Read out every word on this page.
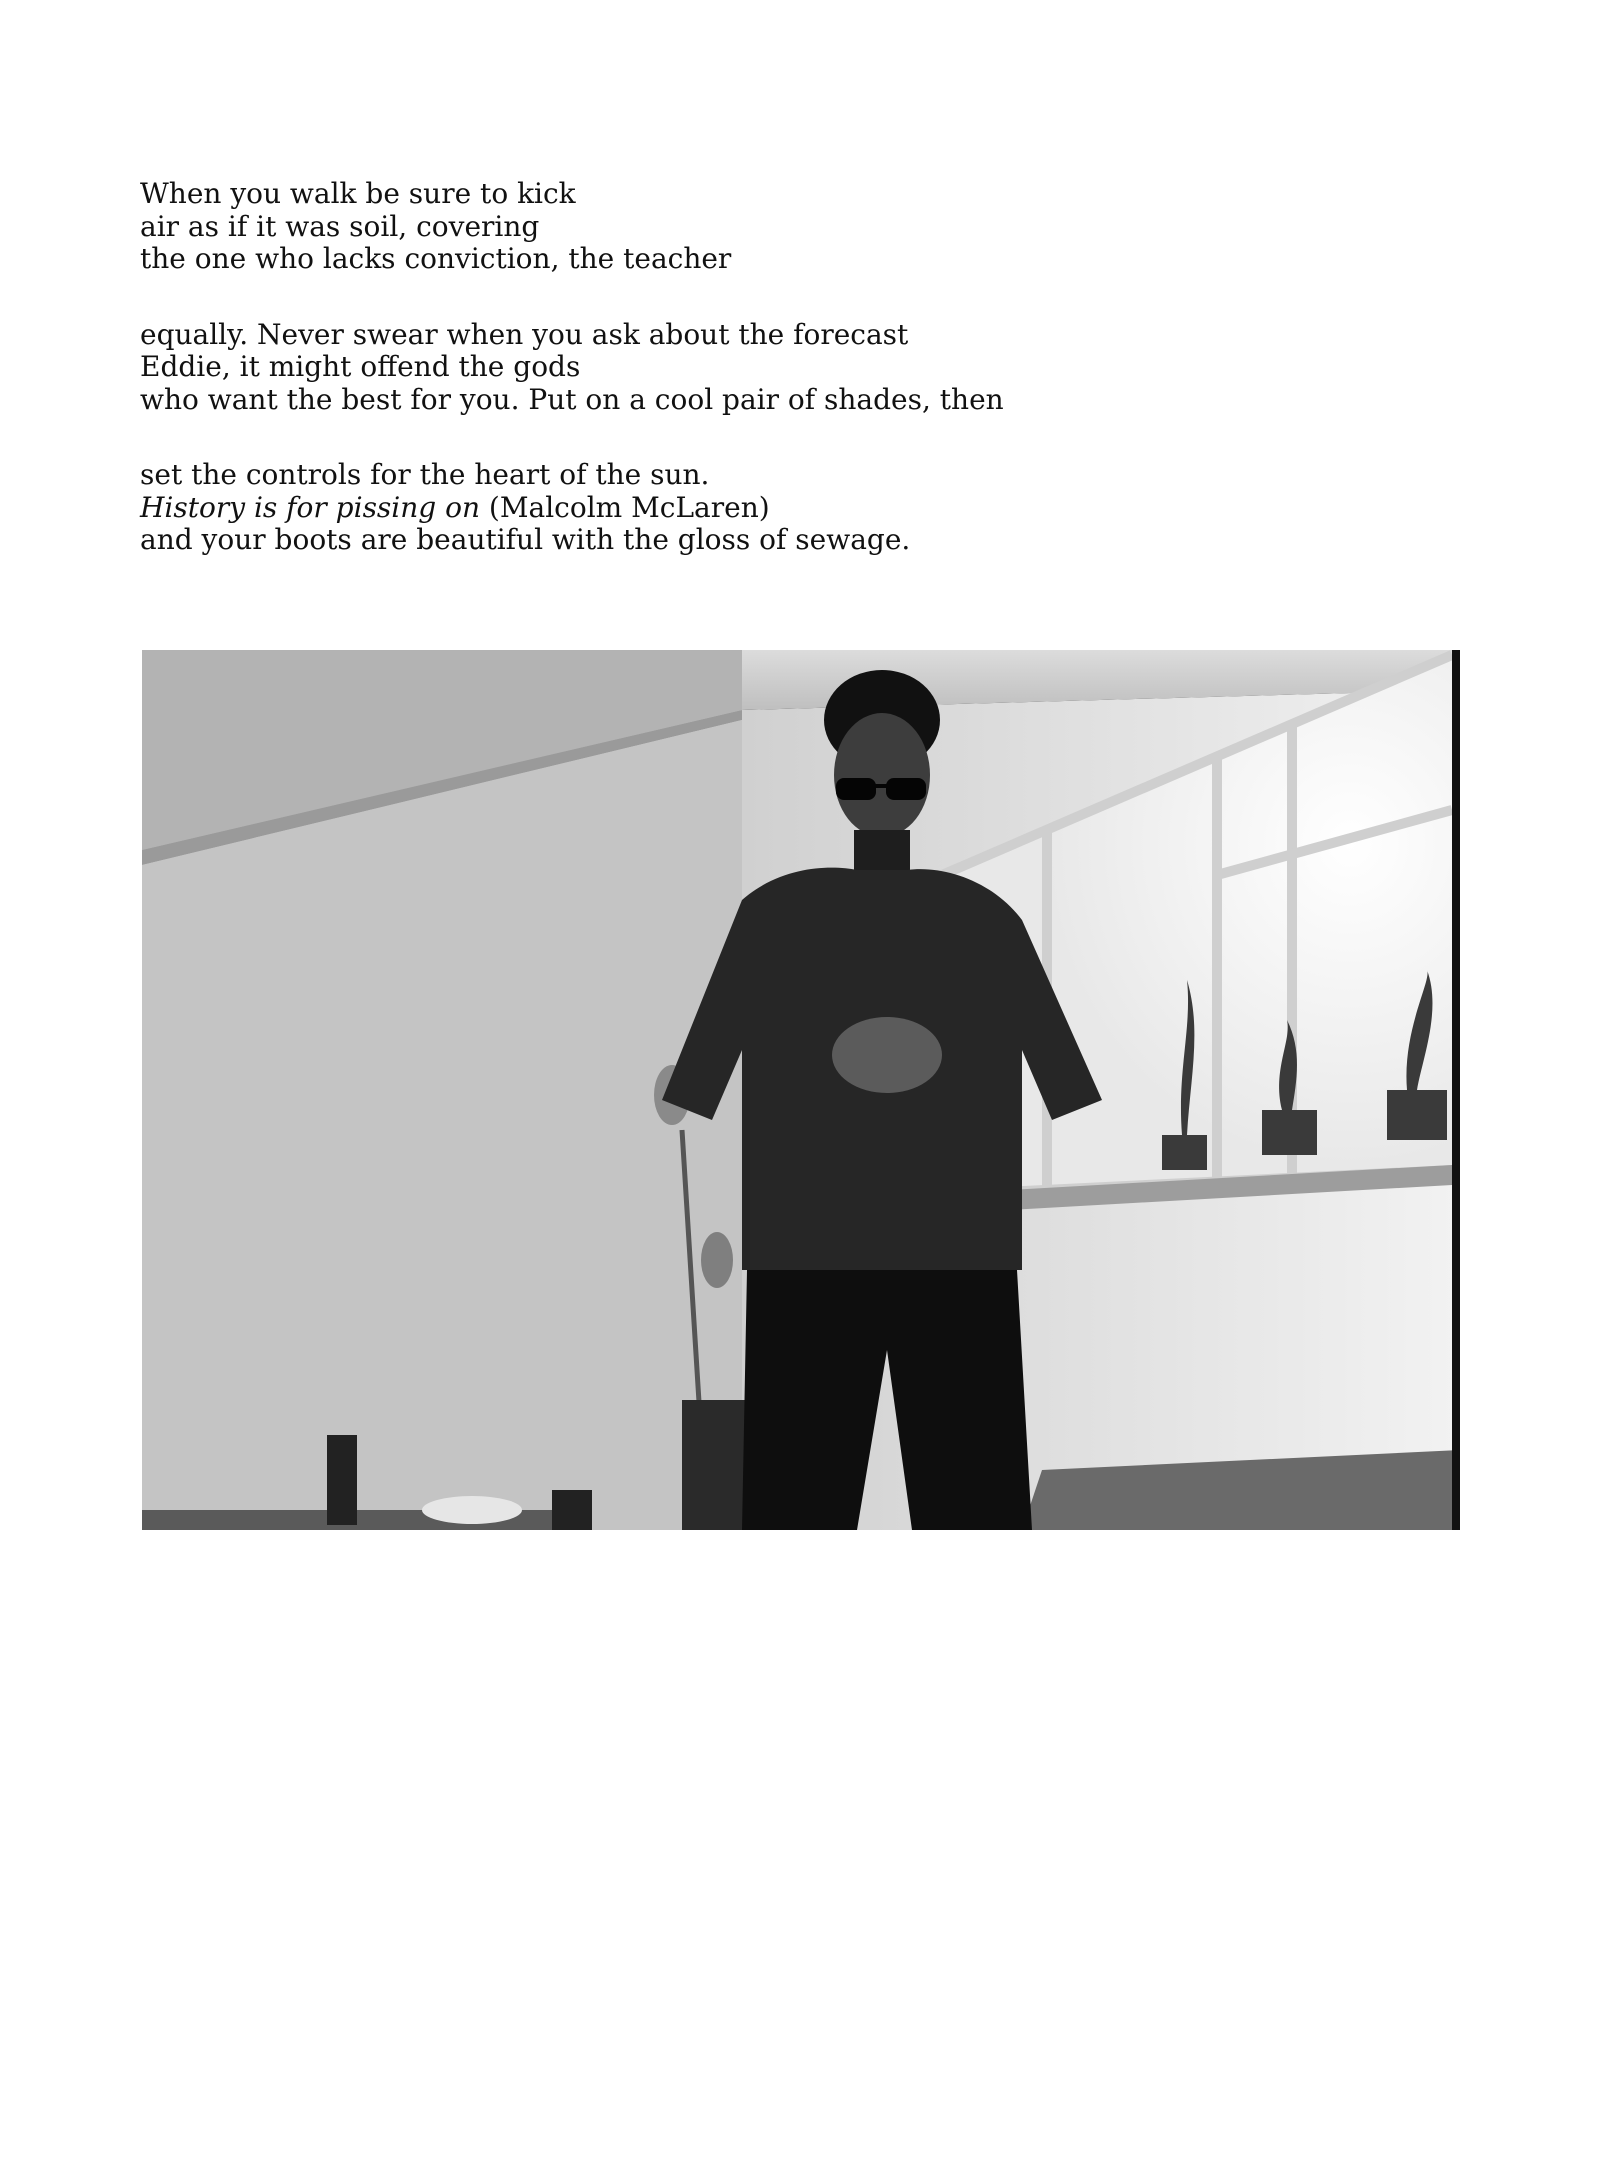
When you walk be sure to kick
air as if it was soil, covering
the one who lacks conviction, the teacher
equally. Never swear when you ask about the forecast
Eddie, it might offend the gods
who want the best for you. Put on a cool pair of shades, then
set the controls for the heart of the sun.
History is for pissing on (Malcolm McLaren)
and your boots are beautiful with the gloss of sewage.
